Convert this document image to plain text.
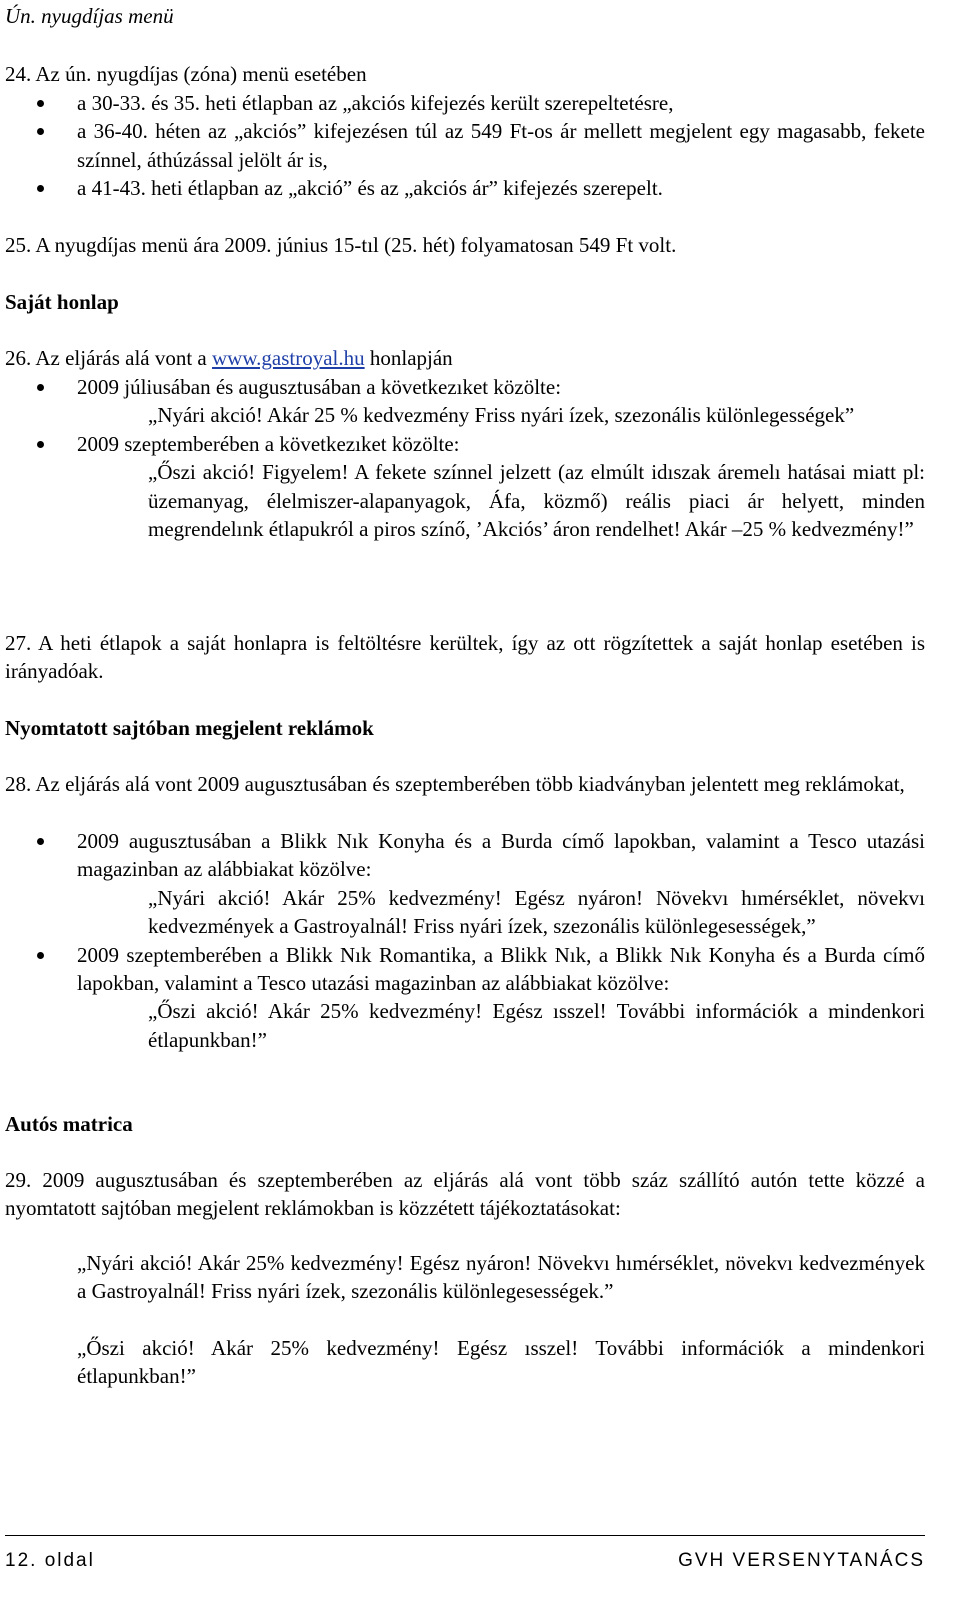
Ún. nyugdíjas menü
24. Az ún. nyugdíjas (zóna) menü esetében
a 30-33. és 35. heti étlapban az „akciós kifejezés került szerepeltetésre,
a 36-40. héten az „akciós” kifejezésen túl az 549 Ft-os ár mellett megjelent egy magasabb, fekete színnel, áthúzással jelölt ár is,
a 41-43. heti étlapban az „akció” és az „akciós ár” kifejezés szerepelt.
25. A nyugdíjas menü ára 2009. június 15-tıl (25. hét) folyamatosan 549 Ft volt.
Saját honlap
26. Az eljárás alá vont a www.gastroyal.hu honlapján
2009 júliusában és augusztusában a következıket közölte:
„Nyári akció! Akár 25 % kedvezmény Friss nyári ízek, szezonális különlegességek”
2009 szeptemberében a következıket közölte:
„Őszi akció! Figyelem! A fekete színnel jelzett (az elmúlt idıszak áremelı hatásai miatt pl: üzemanyag, élelmiszer-alapanyagok, Áfa, közmő) reális piaci ár helyett, minden megrendelınk étlapukról a piros színő, ’Akciós’ áron rendelhet! Akár –25 % kedvezmény!”
27. A heti étlapok a saját honlapra is feltöltésre kerültek, így az ott rögzítettek a saját honlap esetében is irányadóak.
Nyomtatott sajtóban megjelent reklámok
28. Az eljárás alá vont 2009 augusztusában és szeptemberében több kiadványban jelentett meg reklámokat,
2009 augusztusában a Blikk Nık Konyha és a Burda címő lapokban, valamint a Tesco utazási magazinban az alábbiakat közölve:
„Nyári akció! Akár 25% kedvezmény! Egész nyáron! Növekvı hımérséklet, növekvı kedvezmények a Gastroyalnál! Friss nyári ízek, szezonális különlegesességek,”
2009 szeptemberében a Blikk Nık Romantika, a Blikk Nık, a Blikk Nık Konyha és a Burda címő lapokban, valamint a Tesco utazási magazinban az alábbiakat közölve:
„Őszi akció! Akár 25% kedvezmény! Egész ısszel! További információk a mindenkori étlapunkban!”
Autós matrica
29. 2009 augusztusában és szeptemberében az eljárás alá vont több száz szállító autón tette közzé a nyomtatott sajtóban megjelent reklámokban is közzétett tájékoztatásokat:
„Nyári akció! Akár 25% kedvezmény! Egész nyáron! Növekvı hımérséklet, növekvı kedvezmények a Gastroyalnál! Friss nyári ízek, szezonális különlegesességek.”
„Őszi akció! Akár 25% kedvezmény! Egész ısszel! További információk a mindenkori étlapunkban!”
12. oldal	GVH VERSENYTANÁCS
